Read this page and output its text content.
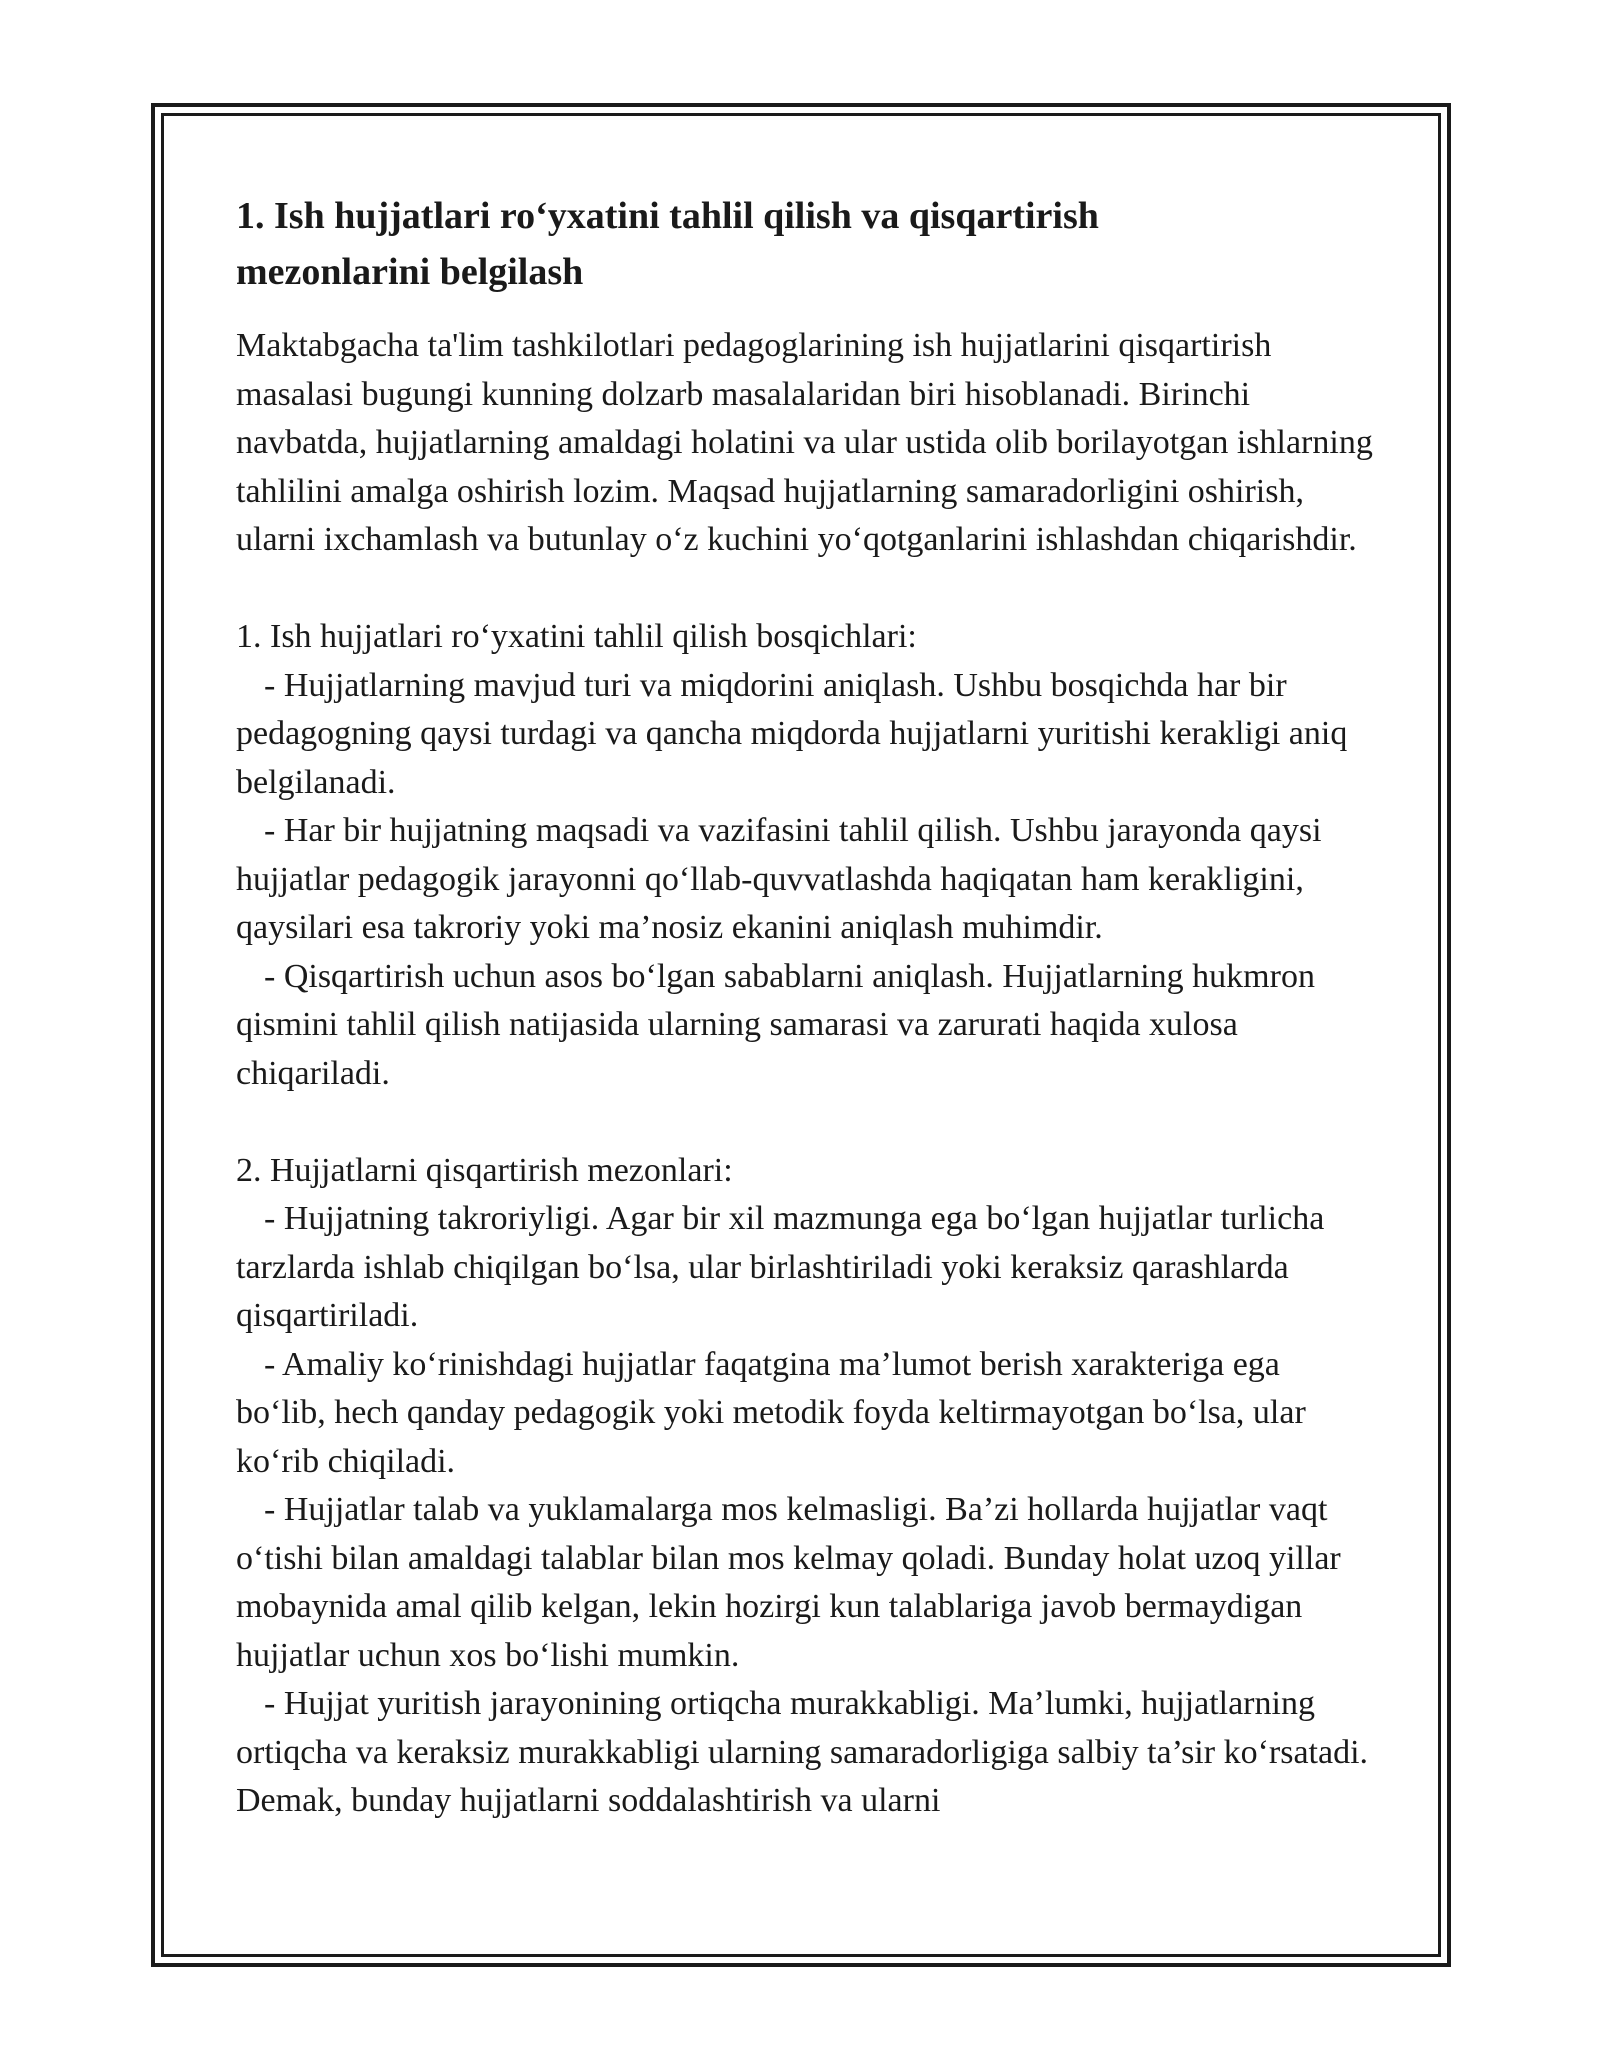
1. Ish hujjatlari ro‘yxatini tahlil qilish va qisqartirish
mezonlarini belgilash

Maktabgacha ta'lim tashkilotlari pedagoglarining ish hujjatlarini qisqartirish masalasi bugungi kunning dolzarb masalalaridan biri hisoblanadi. Birinchi navbatda, hujjatlarning amaldagi holatini va ular ustida olib borilayotgan ishlarning tahlilini amalga oshirish lozim. Maqsad hujjatlarning samaradorligini oshirish, ularni ixchamlash va butunlay o‘z kuchini yo‘qotganlarini ishlashdan chiqarishdir.

1. Ish hujjatlari ro‘yxatini tahlil qilish bosqichlari:

- Hujjatlarning mavjud turi va miqdorini aniqlash. Ushbu bosqichda har bir pedagogning qaysi turdagi va qancha miqdorda hujjatlarni yuritishi kerakligi aniq belgilanadi.

- Har bir hujjatning maqsadi va vazifasini tahlil qilish. Ushbu jarayonda qaysi hujjatlar pedagogik jarayonni qo‘llab-quvvatlashda haqiqatan ham kerakligini, qaysilari esa takroriy yoki ma’nosiz ekanini aniqlash muhimdir.

- Qisqartirish uchun asos bo‘lgan sabablarni aniqlash. Hujjatlarning hukmron qismini tahlil qilish natijasida ularning samarasi va zarurati haqida xulosa chiqariladi.

2. Hujjatlarni qisqartirish mezonlari:

- Hujjatning takroriyligi. Agar bir xil mazmunga ega bo‘lgan hujjatlar turlicha tarzlarda ishlab chiqilgan bo‘lsa, ular birlashtiriladi yoki keraksiz qarashlarda qisqartiriladi.

- Amaliy ko‘rinishdagi hujjatlar faqatgina ma’lumot berish xarakteriga ega bo‘lib, hech qanday pedagogik yoki metodik foyda keltirmayotgan bo‘lsa, ular ko‘rib chiqiladi.

- Hujjatlar talab va yuklamalarga mos kelmasligi. Ba’zi hollarda hujjatlar vaqt o‘tishi bilan amaldagi talablar bilan mos kelmay qoladi. Bunday holat uzoq yillar mobaynida amal qilib kelgan, lekin hozirgi kun talablariga javob bermaydigan hujjatlar uchun xos bo‘lishi mumkin.

- Hujjat yuritish jarayonining ortiqcha murakkabligi. Ma’lumki, hujjatlarning ortiqcha va keraksiz murakkabligi ularning samaradorligiga salbiy ta’sir ko‘rsatadi. Demak, bunday hujjatlarni soddalashtirish va ularni
